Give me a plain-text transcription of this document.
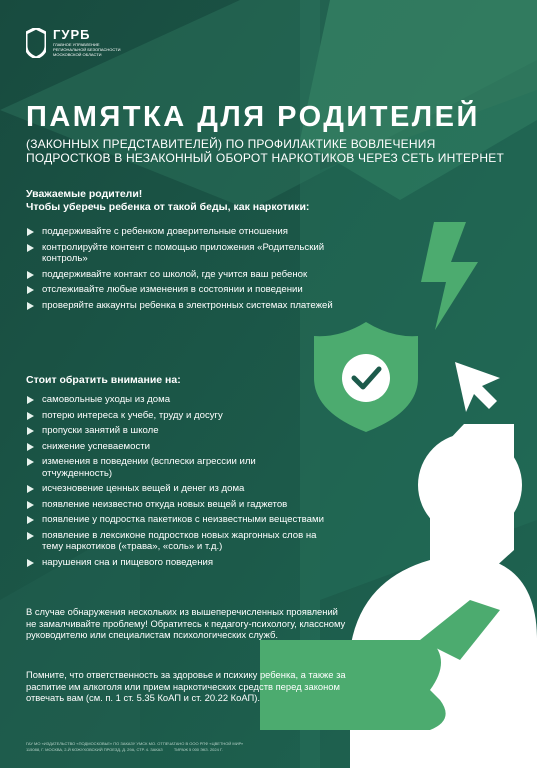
ГУРБ
ГЛАВНОЕ УПРАВЛЕНИЕ РЕГИОНАЛЬНОЙ БЕЗОПАСНОСТИ МОСКОВСКОЙ ОБЛАСТИ
ПАМЯТКА ДЛЯ РОДИТЕЛЕЙ
(ЗАКОННЫХ ПРЕДСТАВИТЕЛЕЙ) ПО ПРОФИЛАКТИКЕ ВОВЛЕЧЕНИЯ
ПОДРОСТКОВ В НЕЗАКОННЫЙ ОБОРОТ НАРКОТИКОВ ЧЕРЕЗ СЕТЬ ИНТЕРНЕТ
Уважаемые родители!
Чтобы уберечь ребенка от такой беды, как наркотики:
поддерживайте с ребенком доверительные отношения
контролируйте контент с помощью приложения «Родительский контроль»
поддерживайте контакт со школой, где учится ваш ребенок
отслеживайте любые изменения в состоянии и поведении
проверяйте аккаунты ребенка в электронных системах платежей
Стоит обратить внимание на:
самовольные уходы из дома
потерю интереса к учебе, труду и досугу
пропуски занятий в школе
снижение успеваемости
изменения в поведении (всплески агрессии или отчужденность)
исчезновение ценных вещей и денег из дома
появление неизвестно откуда новых вещей и гаджетов
появление у подростка пакетиков с неизвестными веществами
появление в лексиконе подростков новых жаргонных слов на тему наркотиков («трава», «соль» и т.д.)
нарушения сна и пищевого поведения
В случае обнаружения нескольких из вышеперечисленных проявлений не замалчивайте проблему! Обратитесь к педагогу-психологу, классному руководителю или специалистам психологических служб.
Помните, что ответственность за здоровье и психику ребенка, а также за распитие им алкоголя или прием наркотических средств перед законом отвечать вам (см. п. 1 ст. 5.35 КоАП и ст. 20.22 КоАП).
ГАУ МО «ИЗДАТЕЛЬСТВО «ПОДМОСКОВЬЕ» ПО ЗАКАЗУ УМСК МО. ОТПЕЧАТАНО В ООО РПФ «ЦВЕТНОЙ МИР»
115088, Г. МОСКВА, 2-Й КОЖУХОВСКИЙ ПРОЕЗД, Д. 29А, СТР. 4. ЗАКАЗ	ТИРАЖ 5 000 ЭКЗ. 2024 Г.
